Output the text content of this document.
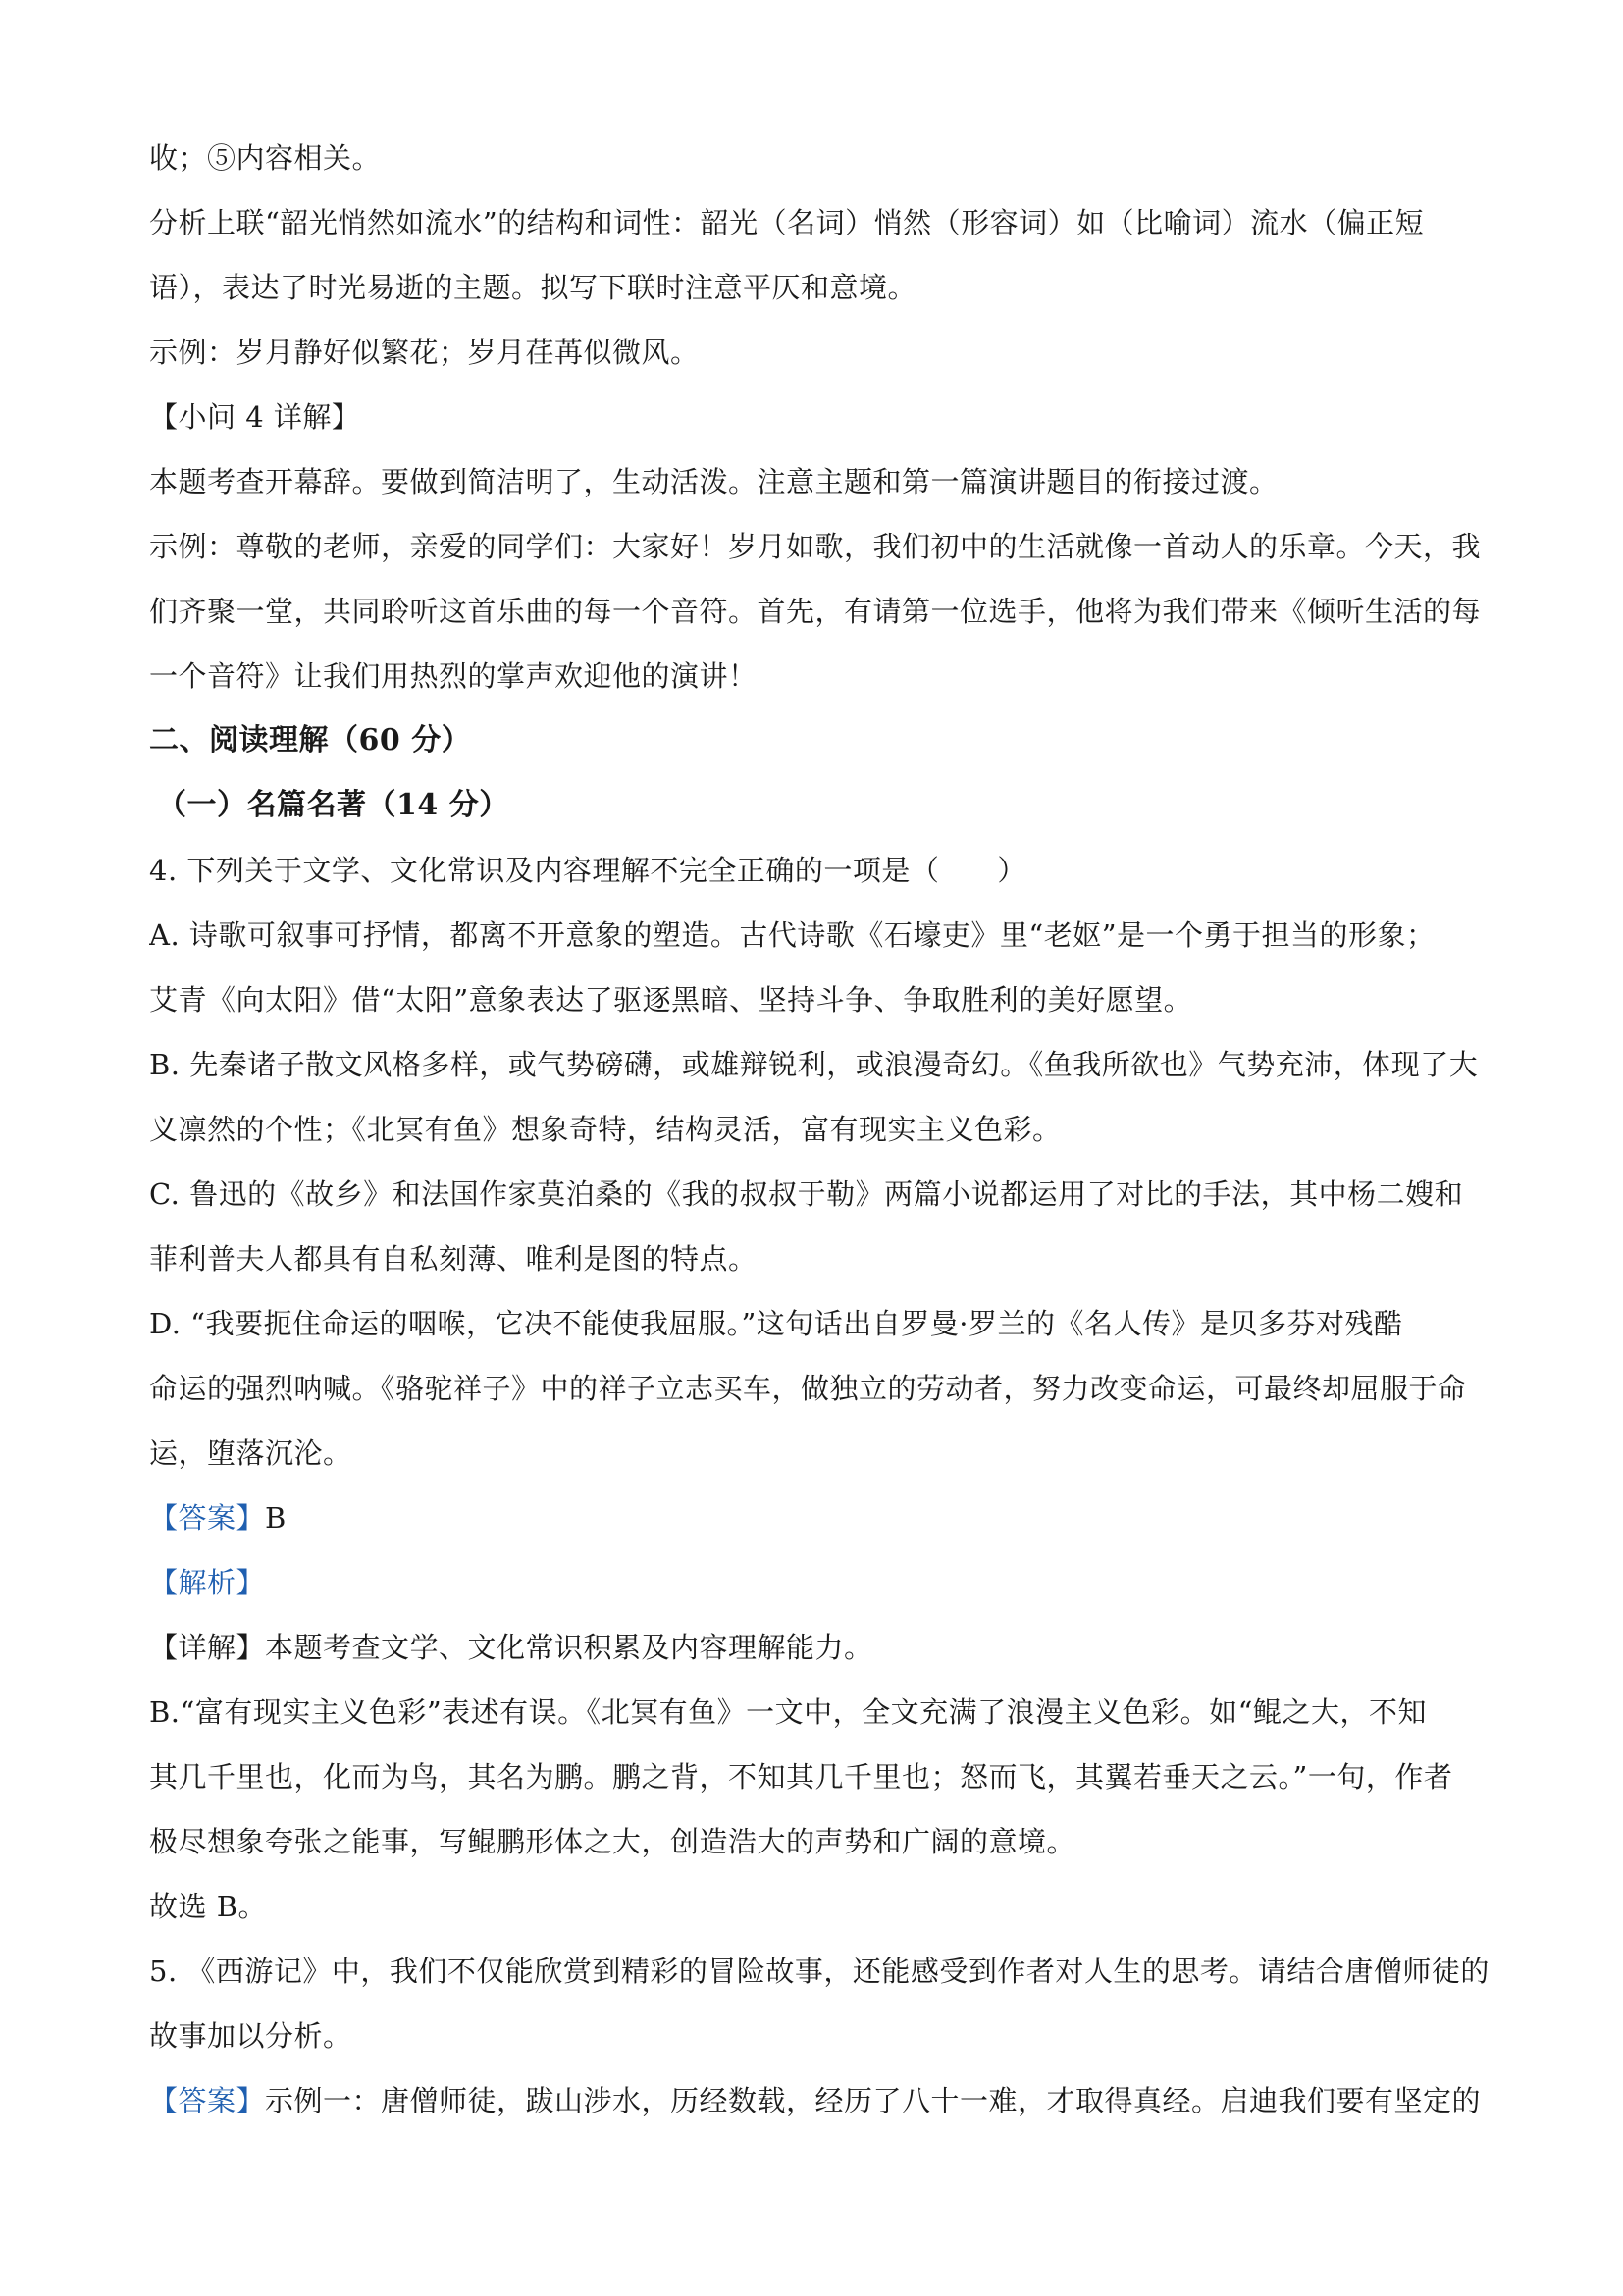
收；⑤内容相关。
分析上联“韶光悄然如流水”的结构和词性：韶光（名词）悄然（形容词）如（比喻词）流水（偏正短
语），表达了时光易逝的主题。拟写下联时注意平仄和意境。
示例：岁月静好似繁花；岁月荏苒似微风。
【小问 4 详解】
本题考查开幕辞。要做到简洁明了，生动活泼。注意主题和第一篇演讲题目的衔接过渡。
示例：尊敬的老师，亲爱的同学们：大家好！岁月如歌，我们初中的生活就像一首动人的乐章。今天，我
们齐聚一堂，共同聆听这首乐曲的每一个音符。首先，有请第一位选手，他将为我们带来《倾听生活的每
一个音符》让我们用热烈的掌声欢迎他的演讲！
二、阅读理解（60 分）
（一）名篇名著（14 分）
4. 下列关于文学、文化常识及内容理解不完全正确的一项是（　　）
A. 诗歌可叙事可抒情，都离不开意象的塑造。古代诗歌《石壕吏》里“老妪”是一个勇于担当的形象；
艾青《向太阳》借“太阳”意象表达了驱逐黑暗、坚持斗争、争取胜利的美好愿望。
B. 先秦诸子散文风格多样，或气势磅礴，或雄辩锐利，或浪漫奇幻。《鱼我所欲也》气势充沛，体现了大
义凛然的个性；《北冥有鱼》想象奇特，结构灵活，富有现实主义色彩。
C. 鲁迅的《故乡》和法国作家莫泊桑的《我的叔叔于勒》两篇小说都运用了对比的手法，其中杨二嫂和
菲利普夫人都具有自私刻薄、唯利是图的特点。
D. “我要扼住命运的咽喉，它决不能使我屈服。”这句话出自罗曼·罗兰的《名人传》是贝多芬对残酷
命运的强烈呐喊。《骆驼祥子》中的祥子立志买车，做独立的劳动者，努力改变命运，可最终却屈服于命
运，堕落沉沦。
【答案】B
【解析】
【详解】本题考查文学、文化常识积累及内容理解能力。
B.“富有现实主义色彩”表述有误。《北冥有鱼》一文中，全文充满了浪漫主义色彩。如“鲲之大，不知
其几千里也，化而为鸟，其名为鹏。鹏之背，不知其几千里也；怒而飞，其翼若垂天之云。”一句，作者
极尽想象夸张之能事，写鲲鹏形体之大，创造浩大的声势和广阔的意境。
故选 B。
5. 《西游记》中，我们不仅能欣赏到精彩的冒险故事，还能感受到作者对人生的思考。请结合唐僧师徒的
故事加以分析。
【答案】示例一：唐僧师徒，跋山涉水，历经数载，经历了八十一难，才取得真经。启迪我们要有坚定的
